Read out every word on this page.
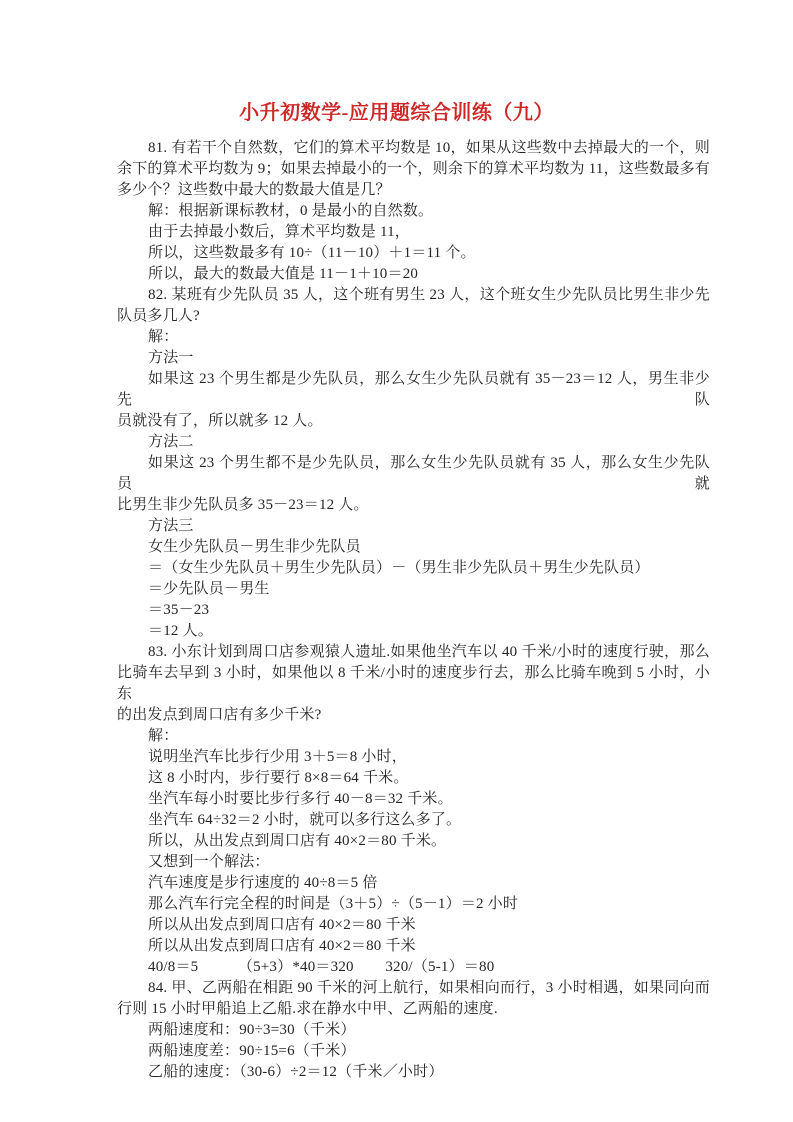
小升初数学-应用题综合训练（九）
81. 有若干个自然数，它们的算术平均数是 10，如果从这些数中去掉最大的一个，则
余下的算术平均数为 9；如果去掉最小的一个，则余下的算术平均数为 11，这些数最多有
多少个？这些数中最大的数最大值是几？
解：根据新课标教材，0 是最小的自然数。
由于去掉最小数后，算术平均数是 11，
所以，这些数最多有 10÷（11－10）＋1＝11 个。
所以，最大的数最大值是 11－1＋10＝20
82. 某班有少先队员 35 人，这个班有男生 23 人，这个班女生少先队员比男生非少先
队员多几人?
解：
方法一
如果这 23 个男生都是少先队员，那么女生少先队员就有 35－23＝12 人，男生非少先队
员就没有了，所以就多 12 人。
方法二
如果这 23 个男生都不是少先队员，那么女生少先队员就有 35 人，那么女生少先队员就
比男生非少先队员多 35－23＝12 人。
方法三
女生少先队员－男生非少先队员
＝（女生少先队员＋男生少先队员）－（男生非少先队员＋男生少先队员）
＝少先队员－男生
＝35－23
＝12 人。
83. 小东计划到周口店参观猿人遗址.如果他坐汽车以 40 千米/小时的速度行驶，那么
比骑车去早到 3 小时，如果他以 8 千米/小时的速度步行去，那么比骑车晚到 5 小时，小东
的出发点到周口店有多少千米?
解：
说明坐汽车比步行少用 3＋5＝8 小时，
这 8 小时内，步行要行 8×8＝64 千米。
坐汽车每小时要比步行多行 40－8＝32 千米。
坐汽车 64÷32＝2 小时，就可以多行这么多了。
所以，从出发点到周口店有 40×2＝80 千米。
又想到一个解法：
汽车速度是步行速度的 40÷8＝5 倍
那么汽车行完全程的时间是（3＋5）÷（5－1）＝2 小时
所以从出发点到周口店有 40×2＝80 千米
所以从出发点到周口店有 40×2＝80 千米
40/8＝5          （5+3）*40＝320        320/（5-1）＝80
84. 甲、乙两船在相距 90 千米的河上航行，如果相向而行，3 小时相遇，如果同向而
行则 15 小时甲船追上乙船.求在静水中甲、乙两船的速度.
两船速度和：90÷3=30（千米）
两船速度差：90÷15=6（千米）
乙船的速度：（30-6）÷2＝12（千米／小时）
